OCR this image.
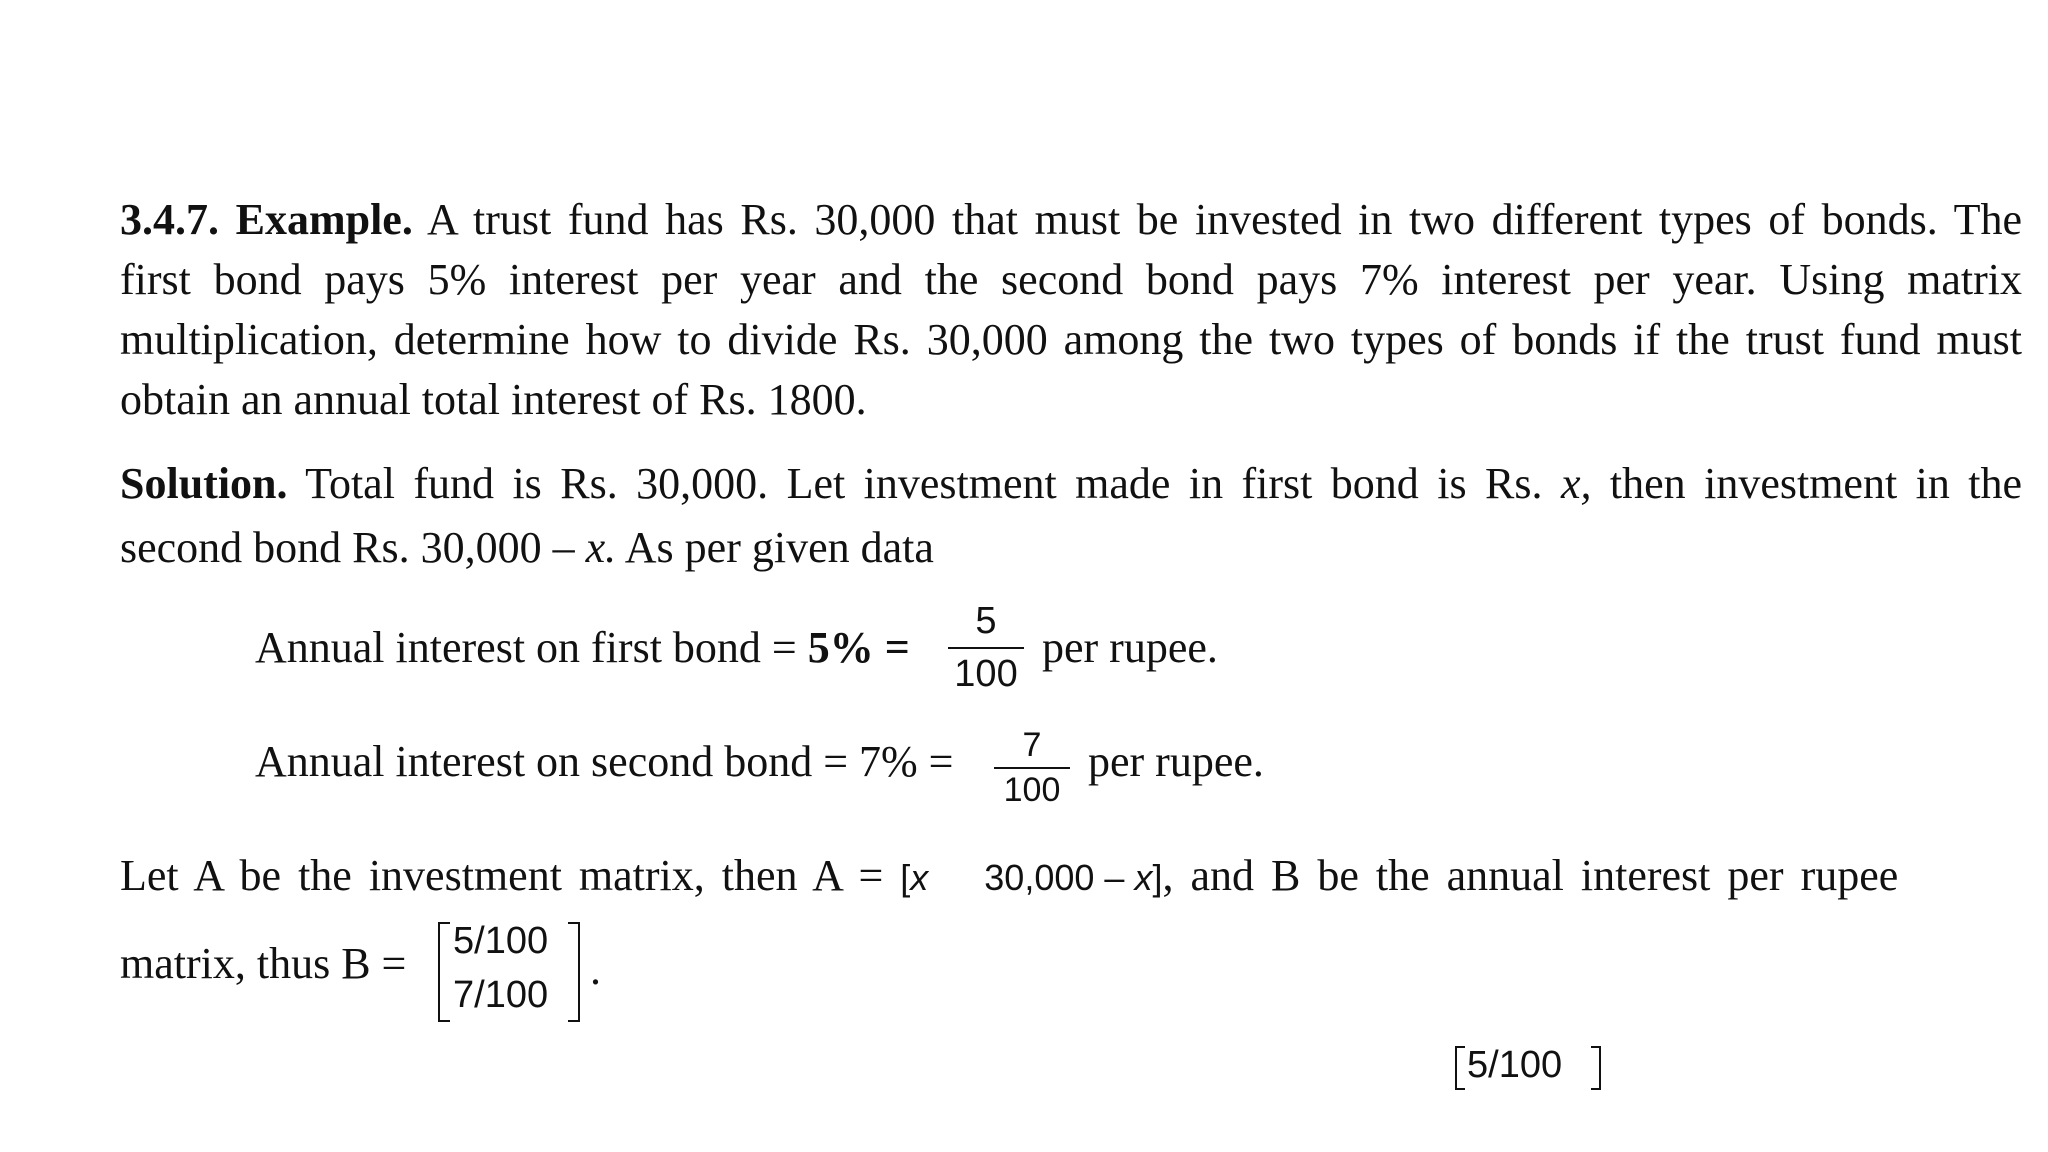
3.4.7. Example. A trust fund has Rs. 30,000 that must be invested in two different types of bonds. The
first bond pays 5% interest per year and the second bond pays 7% interest per year. Using matrix
multiplication, determine how to divide Rs. 30,000 among the two types of bonds if the trust fund must
obtain an annual total interest of Rs. 1800.
Solution. Total fund is Rs. 30,000. Let investment made in first bond is Rs. x, then investment in the
second bond Rs. 30,000 – x. As per given data
Annual interest on first bond = 5% =
5
100
per rupee.
Annual interest on second bond = 7% =	7
100
per rupee.
Let A be the investment matrix, then A = [x 30,000 – x], and B be the annual interest per rupee
matrix, thus B = 5/100
7/100
.
5/100
